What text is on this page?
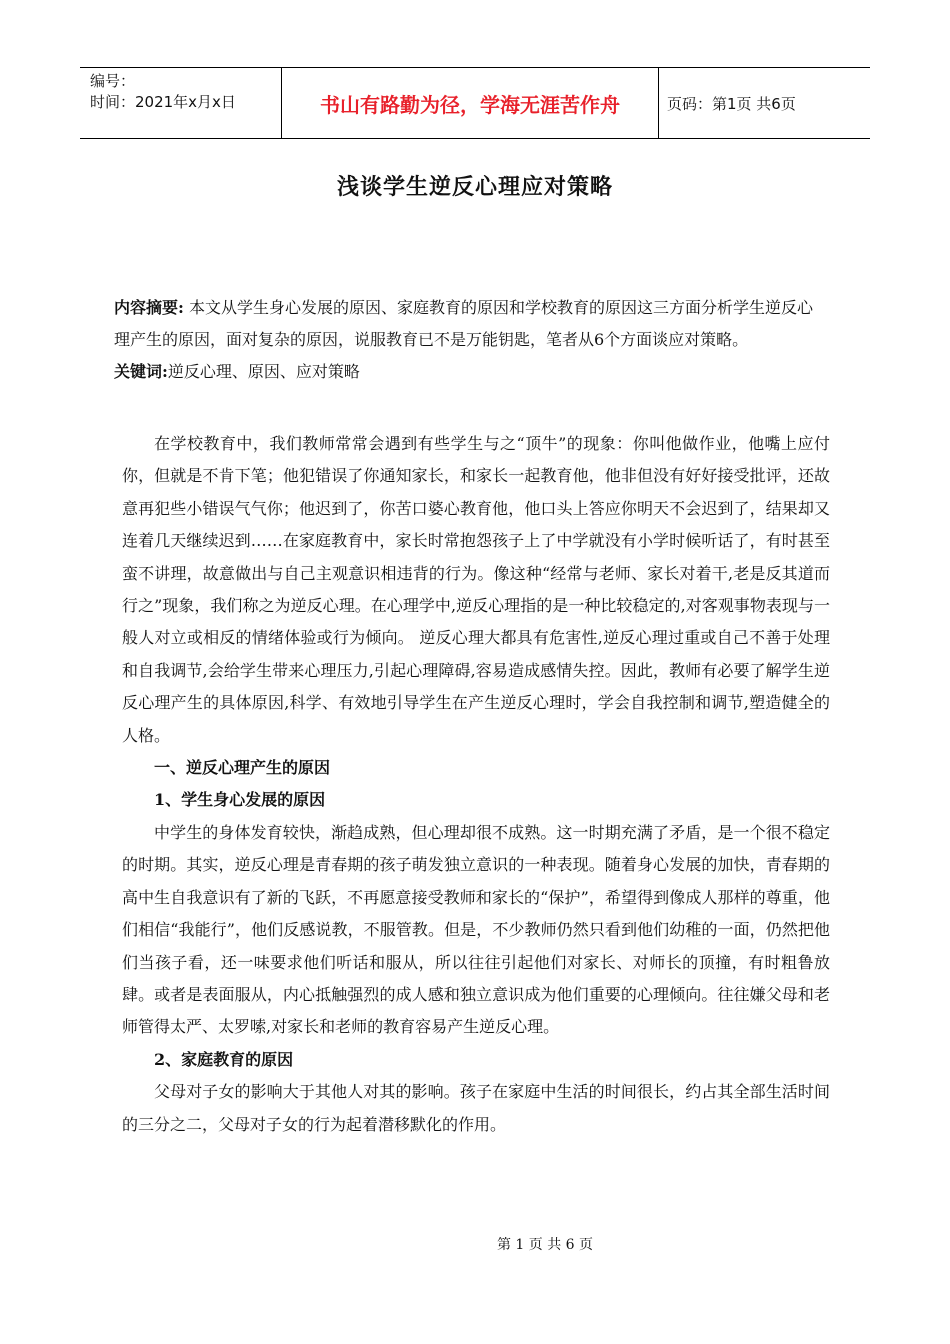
编号：
时间：2021年x月x日	书山有路勤为径，学海无涯苦作舟	页码：第1页 共6页
浅谈学生逆反心理应对策略
内容摘要: 本文从学生身心发展的原因、家庭教育的原因和学校教育的原因这三方面分析学生逆反心理产生的原因，面对复杂的原因，说服教育已不是万能钥匙，笔者从6个方面谈应对策略。
关键词:逆反心理、原因、应对策略

在学校教育中，我们教师常常会遇到有些学生与之“顶牛”的现象：你叫他做作业，他嘴上应付你，但就是不肯下笔；他犯错误了你通知家长，和家长一起教育他，他非但没有好好接受批评，还故意再犯些小错误气气你；他迟到了，你苦口婆心教育他，他口头上答应你明天不会迟到了，结果却又连着几天继续迟到……在家庭教育中，家长时常抱怨孩子上了中学就没有小学时候听话了，有时甚至蛮不讲理，故意做出与自己主观意识相违背的行为。像这种“经常与老师、家长对着干,老是反其道而行之”现象，我们称之为逆反心理。在心理学中,逆反心理指的是一种比较稳定的,对客观事物表现与一般人对立或相反的情绪体验或行为倾向。 逆反心理大都具有危害性,逆反心理过重或自己不善于处理和自我调节,会给学生带来心理压力,引起心理障碍,容易造成感情失控。因此，教师有必要了解学生逆反心理产生的具体原因,科学、有效地引导学生在产生逆反心理时，学会自我控制和调节,塑造健全的人格。

一、逆反心理产生的原因

1、学生身心发展的原因

中学生的身体发育较快，渐趋成熟，但心理却很不成熟。这一时期充满了矛盾，是一个很不稳定的时期。其实，逆反心理是青春期的孩子萌发独立意识的一种表现。随着身心发展的加快，青春期的高中生自我意识有了新的飞跃，不再愿意接受教师和家长的“保护”，希望得到像成人那样的尊重，他们相信“我能行”，他们反感说教，不服管教。但是，不少教师仍然只看到他们幼稚的一面，仍然把他们当孩子看，还一味要求他们听话和服从，所以往往引起他们对家长、对师长的顶撞，有时粗鲁放肆。或者是表面服从，内心抵触强烈的成人感和独立意识成为他们重要的心理倾向。往往嫌父母和老师管得太严、太罗嗦,对家长和老师的教育容易产生逆反心理。

2、家庭教育的原因

父母对子女的影响大于其他人对其的影响。孩子在家庭中生活的时间很长，约占其全部生活时间的三分之二，父母对子女的行为起着潜移默化的作用。

第 1 页 共 6 页
